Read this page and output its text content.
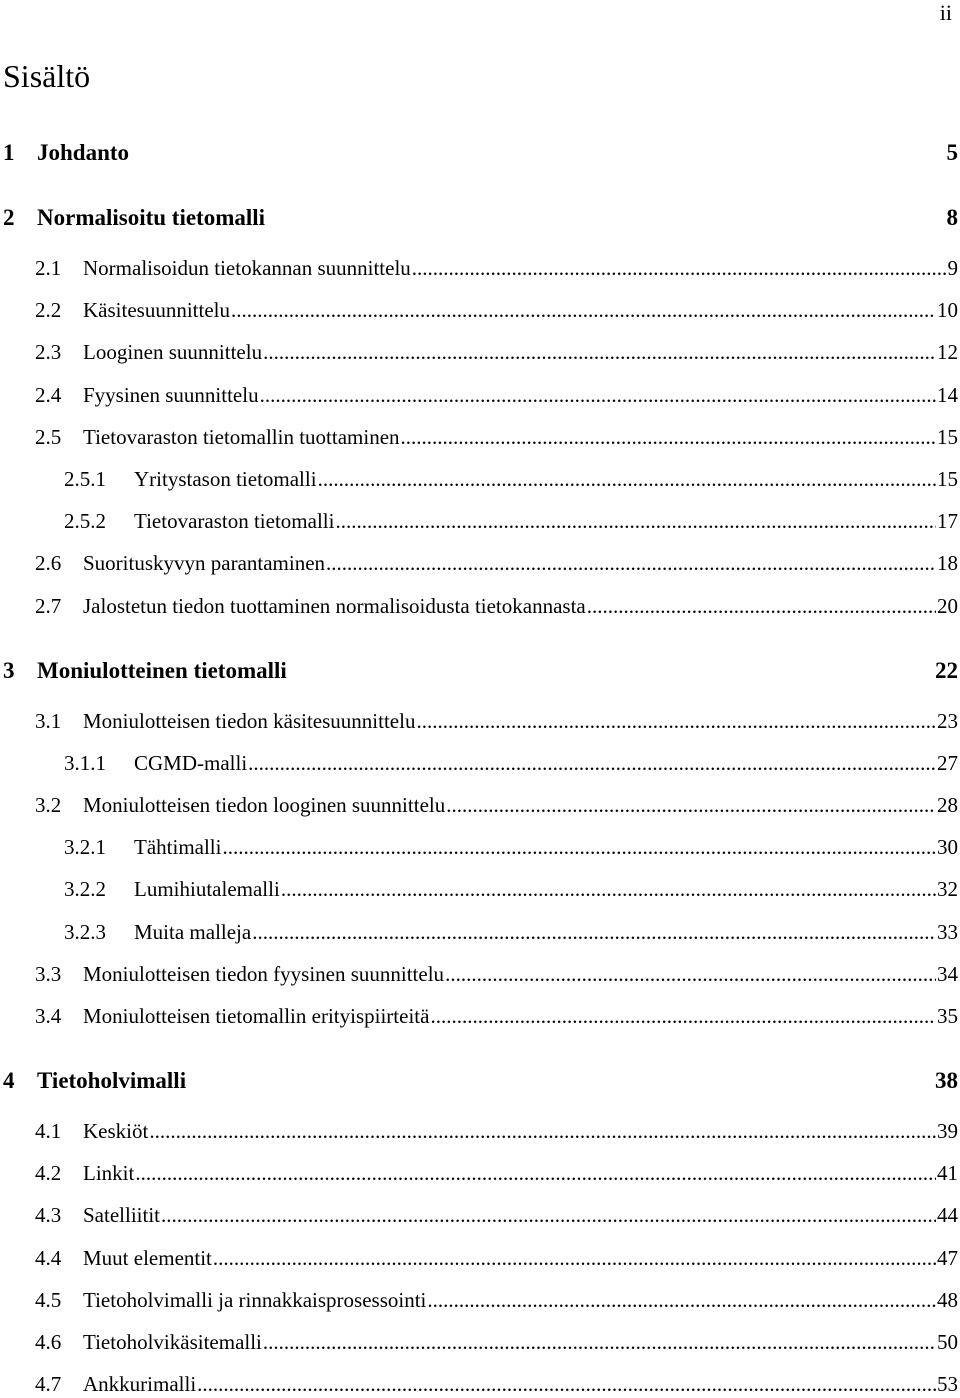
ii
Sisältö
1 Johdanto	5
2 Normalisoitu tietomalli	8
2.1	Normalisoidun tietokannan suunnittelu .....	9
2.2	Käsitesuunnittelu .....	10
2.3	Looginen suunnittelu .....	12
2.4	Fyysinen suunnittelu .....	14
2.5	Tietovaraston tietomallin tuottaminen .....	15
2.5.1	Yritystason tietomalli .....	15
2.5.2	Tietovaraston tietomalli .....	17
2.6	Suorituskyvyn parantaminen .....	18
2.7	Jalostetun tiedon tuottaminen normalisoidusta tietokannasta .....	20
3 Moniulotteinen tietomalli	22
3.1	Moniulotteisen tiedon käsitesuunnittelu .....	23
3.1.1	CGMD-malli .....	27
3.2	Moniulotteisen tiedon looginen suunnittelu .....	28
3.2.1	Tähtimalli .....	30
3.2.2	Lumihiutalemalli .....	32
3.2.3	Muita malleja .....	33
3.3	Moniulotteisen tiedon fyysinen suunnittelu .....	34
3.4	Moniulotteisen tietomallin erityispiirteitä .....	35
4 Tietoholvimalli	38
4.1	Keskiöt .....	39
4.2	Linkit .....	41
4.3	Satelliitit .....	44
4.4	Muut elementit .....	47
4.5	Tietoholvimalli ja rinnakkaisprosessointi .....	48
4.6	Tietoholvikäsitemalli .....	50
4.7	Ankkurimalli .....	53
